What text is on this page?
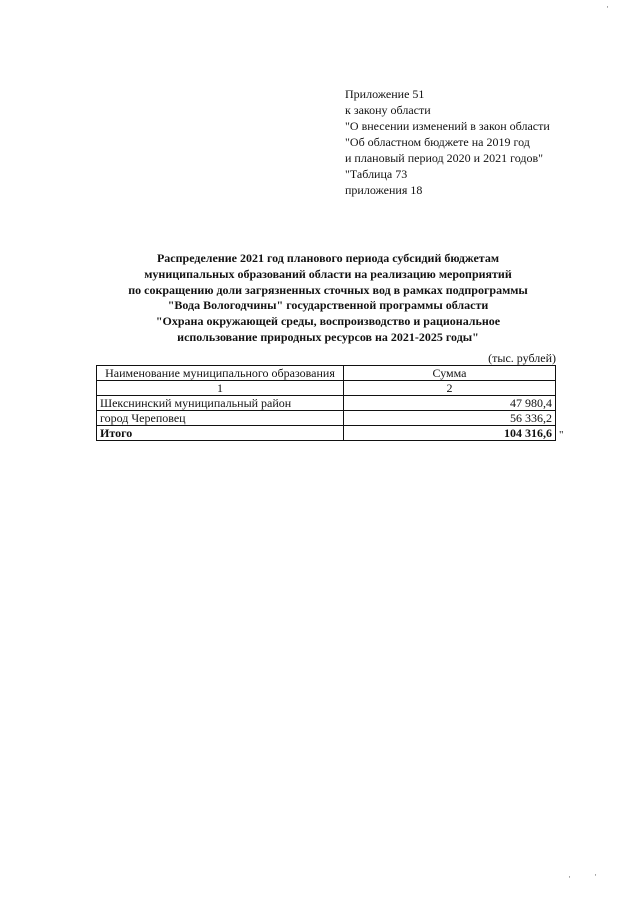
Приложение 51
к закону области
"О внесении изменений в закон области
"Об областном бюджете на 2019 год
и плановый период 2020 и 2021 годов"
"Таблица 73
приложения 18
Распределение 2021 год планового периода субсидий бюджетам
муниципальных образований области на реализацию мероприятий
по сокращению доли загрязненных сточных вод в рамках подпрограммы
"Вода Вологодчины" государственной программы области
"Охрана окружающей среды, воспроизводство и рациональное
использование природных ресурсов на 2021-2025 годы"
(тыс. рублей)
Наименование муниципального образования	Сумма
1	2
Шекснинский муниципальный район	47 980,4
город Череповец	56 336,2
Итого	104 316,6 "
·
·	·
